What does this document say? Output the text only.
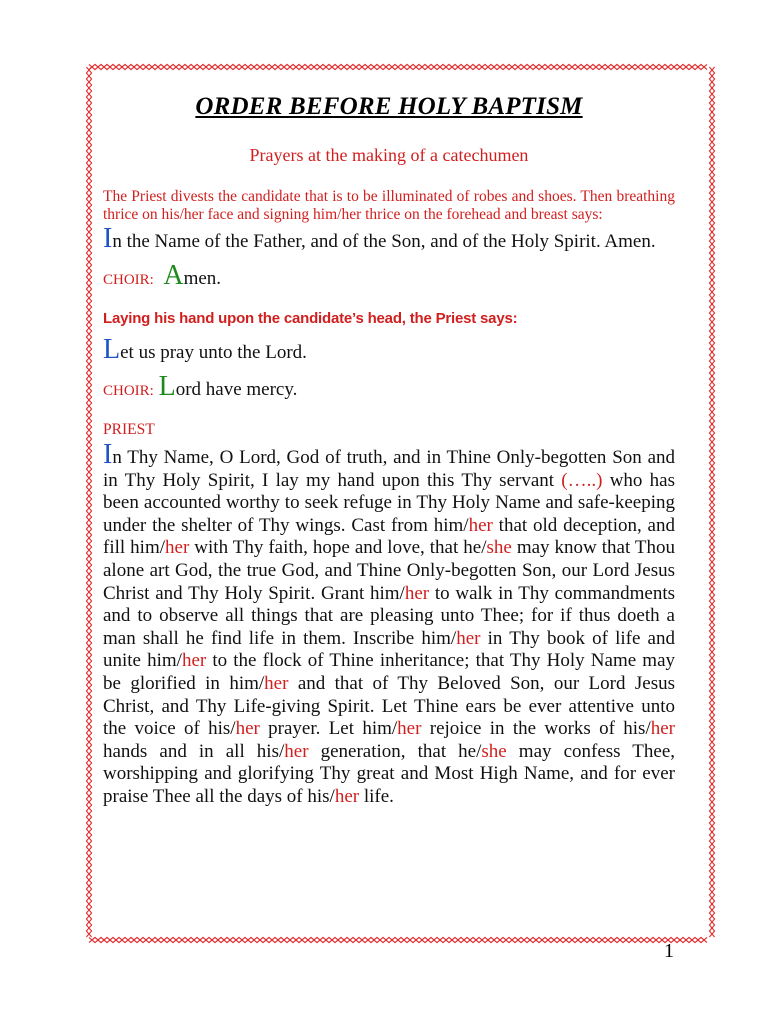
ORDER BEFORE HOLY BAPTISM

Prayers at the making of a catechumen

The Priest divests the candidate that is to be illuminated of robes and shoes. Then breathing thrice on his/her face and signing him/her thrice on the forehead and breast says:

In the Name of the Father, and of the Son, and of the Holy Spirit. Amen.

CHOIR: Amen.

Laying his hand upon the candidate’s head, the Priest says:

Let us pray unto the Lord.

CHOIR: Lord have mercy.

PRIEST

In Thy Name, O Lord, God of truth, and in Thine Only-begotten Son and in Thy Holy Spirit, I lay my hand upon this Thy servant (…..) who has been accounted worthy to seek refuge in Thy Holy Name and safe-keeping under the shelter of Thy wings. Cast from him/her that old deception, and fill him/her with Thy faith, hope and love, that he/she may know that Thou alone art God, the true God, and Thine Only-begotten Son, our Lord Jesus Christ and Thy Holy Spirit. Grant him/her to walk in Thy commandments and to observe all things that are pleasing unto Thee; for if thus doeth a man shall he find life in them. Inscribe him/her in Thy book of life and unite him/her to the flock of Thine inheritance; that Thy Holy Name may be glorified in him/her and that of Thy Beloved Son, our Lord Jesus Christ, and Thy Life-giving Spirit. Let Thine ears be ever attentive unto the voice of his/her prayer. Let him/her rejoice in the works of his/her hands and in all his/her generation, that he/she may confess Thee, worshipping and glorifying Thy great and Most High Name, and for ever praise Thee all the days of his/her life.

1
